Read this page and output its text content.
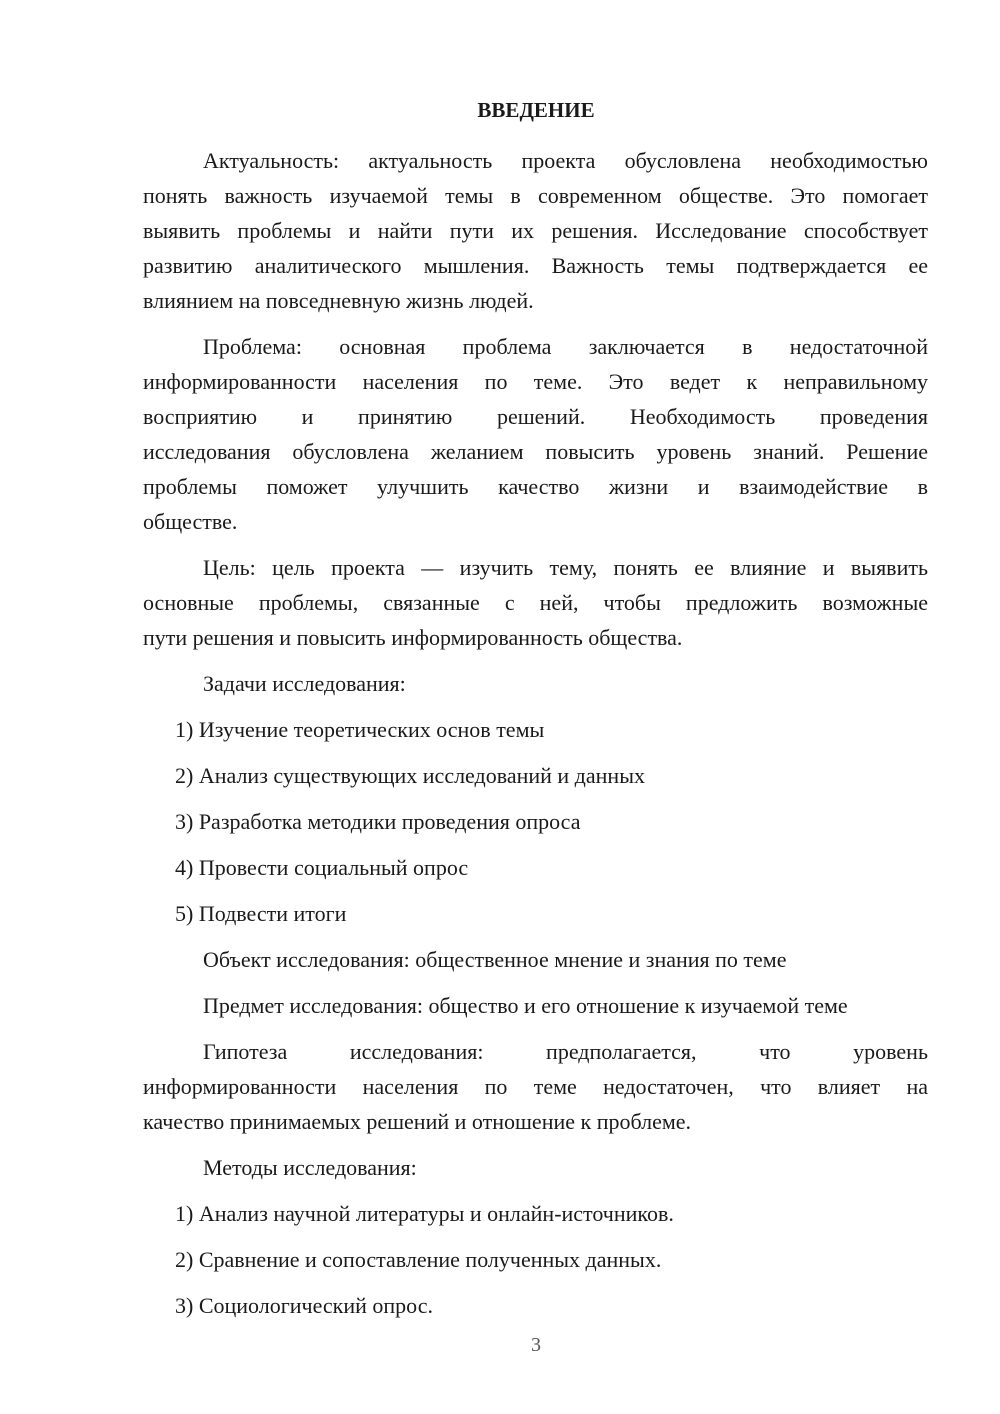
ВВЕДЕНИЕ
Актуальность: актуальность проекта обусловлена необходимостью
понять важность изучаемой темы в современном обществе. Это помогает
выявить проблемы и найти пути их решения. Исследование способствует
развитию аналитического мышления. Важность темы подтверждается ее
влиянием на повседневную жизнь людей.
Проблема: основная проблема заключается в недостаточной
информированности населения по теме. Это ведет к неправильному
восприятию и принятию решений. Необходимость проведения
исследования обусловлена желанием повысить уровень знаний. Решение
проблемы поможет улучшить качество жизни и взаимодействие в
обществе.
Цель: цель проекта — изучить тему, понять ее влияние и выявить
основные проблемы, связанные с ней, чтобы предложить возможные
пути решения и повысить информированность общества.
Задачи исследования:
1) Изучение теоретических основ темы
2) Анализ существующих исследований и данных
3) Разработка методики проведения опроса
4) Провести социальный опрос
5) Подвести итоги
Объект исследования: общественное мнение и знания по теме
Предмет исследования: общество и его отношение к изучаемой теме
Гипотеза исследования: предполагается, что уровень
информированности населения по теме недостаточен, что влияет на
качество принимаемых решений и отношение к проблеме.
Методы исследования:
1) Анализ научной литературы и онлайн-источников.
2) Сравнение и сопоставление полученных данных.
3) Социологический опрос.
3
